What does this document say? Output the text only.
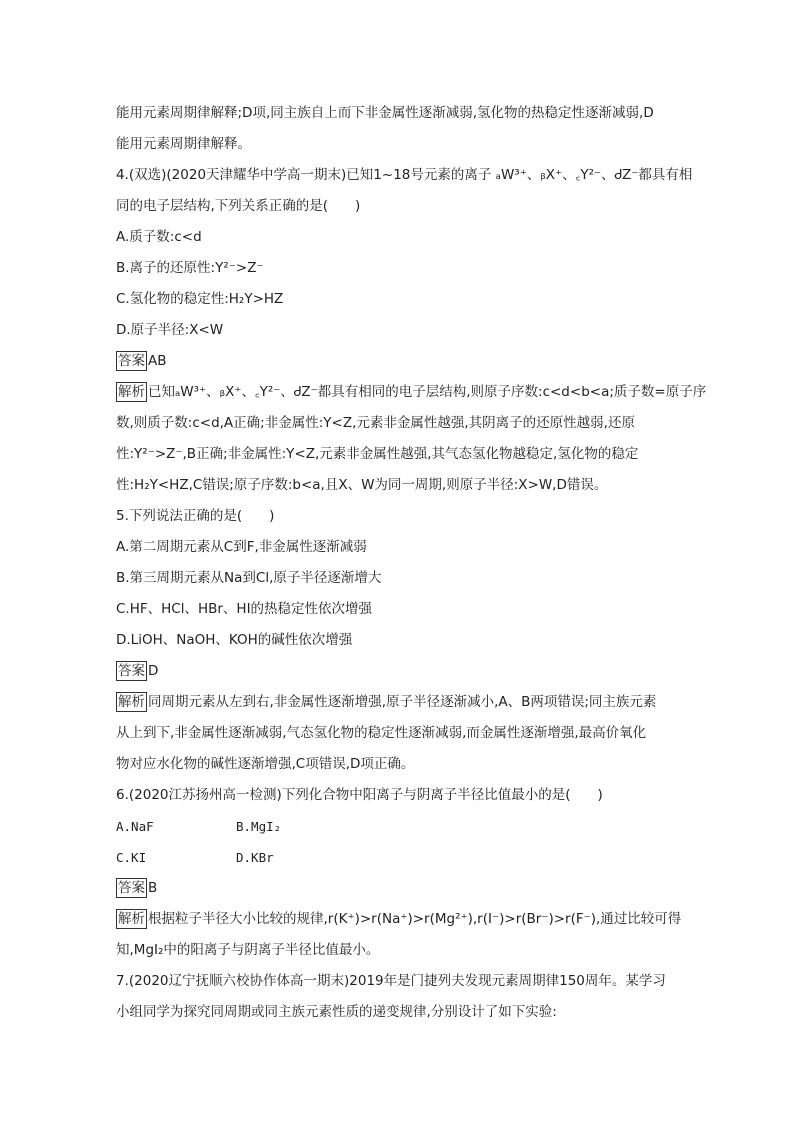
能用元素周期律解释;D项,同主族自上而下非金属性逐渐减弱,氢化物的热稳定性逐渐减弱,D
能用元素周期律解释。
4.(双选)(2020天津耀华中学高一期末)已知1~18号元素的离子 ₐW³⁺、ᵦX⁺、꜀Y²⁻、ᏧZ⁻都具有相
同的电子层结构,下列关系正确的是(　　)
A.质子数:c<d
B.离子的还原性:Y²⁻>Z⁻
C.氢化物的稳定性:H₂Y>HZ
D.原子半径:X<W
答案 AB
解析 已知ₐW³⁺、ᵦX⁺、꜀Y²⁻、ᏧZ⁻都具有相同的电子层结构,则原子序数:c<d<b<a;质子数=原子序
数,则质子数:c<d,A正确;非金属性:Y<Z,元素非金属性越强,其阴离子的还原性越弱,还原
性:Y²⁻>Z⁻,B正确;非金属性:Y<Z,元素非金属性越强,其气态氢化物越稳定,氢化物的稳定
性:H₂Y<HZ,C错误;原子序数:b<a,且X、W为同一周期,则原子半径:X>W,D错误。
5.下列说法正确的是(　　)
A.第二周期元素从C到F,非金属性逐渐减弱
B.第三周期元素从Na到Cl,原子半径逐渐增大
C.HF、HCl、HBr、HI的热稳定性依次增强
D.LiOH、NaOH、KOH的碱性依次增强
答案 D
解析 同周期元素从左到右,非金属性逐渐增强,原子半径逐渐减小,A、B两项错误;同主族元素
从上到下,非金属性逐渐减弱,气态氢化物的稳定性逐渐减弱,而金属性逐渐增强,最高价氧化
物对应水化物的碱性逐渐增强,C项错误,D项正确。
6.(2020江苏扬州高一检测)下列化合物中阳离子与阴离子半径比值最小的是(　　)
A.NaF	B.MgI₂
C.KI	D.KBr
答案 B
解析 根据粒子半径大小比较的规律,r(K⁺)>r(Na⁺)>r(Mg²⁺),r(I⁻)>r(Br⁻)>r(F⁻),通过比较可得
知,MgI₂中的阳离子与阴离子半径比值最小。
7.(2020辽宁抚顺六校协作体高一期末)2019年是门捷列夫发现元素周期律150周年。某学习
小组同学为探究同周期或同主族元素性质的递变规律,分别设计了如下实验:
